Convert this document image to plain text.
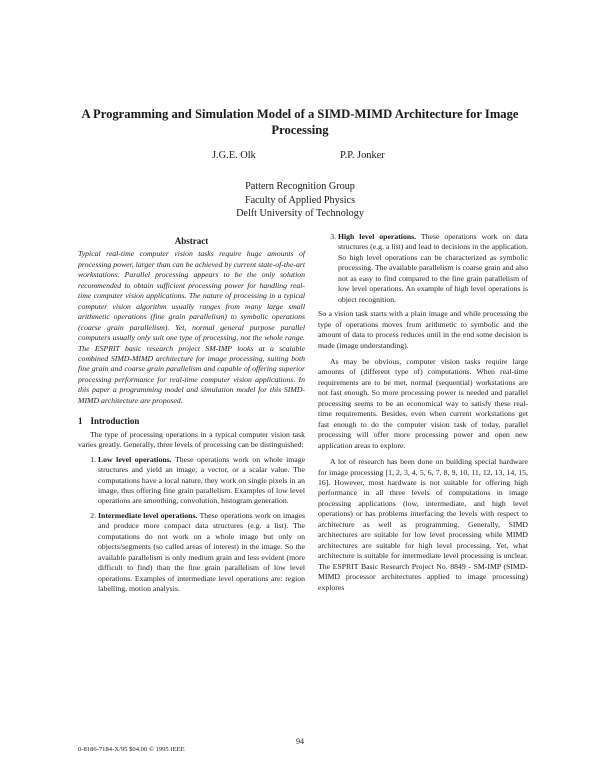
A Programming and Simulation Model of a SIMD-MIMD Architecture for Image Processing
J.G.E. Olk	P.P. Jonker
Pattern Recognition Group
Faculty of Applied Physics
Delft University of Technology
Abstract
Typical real-time computer vision tasks require huge amounts of processing power, larger than can be achieved by current state-of-the-art workstations. Parallel processing appears to be the only solution recommended to obtain sufficient processing power for handling real-time computer vision applications. The nature of processing in a typical computer vision algorithm usually ranges from many large small arithmetic operations (fine grain parallelism) to symbolic operations (coarse grain parallelism). Yet, normal general purpose parallel computers usually only suit one type of processing, not the whole range. The ESPRIT basic research project SM-IMP looks at a scalable combined SIMD-MIMD architecture for image processing, suiting both fine grain and coarse grain parallelism and capable of offering superior processing performance for real-time computer vision applications. In this paper a programming model and simulation model for this SIMD-MIMD architecture are proposed.
1 Introduction

The type of processing operations in a typical computer vision task varies greatly. Generally, three levels of processing can be distinguished:

1. Low level operations. These operations work on whole image structures and yield an image, a vector, or a scalar value. The computations have a local nature, they work on single pixels in an image, thus offering fine grain parallelism. Examples of low level operations are smoothing, convolution, histogram generation.
2. Intermediate level operations. These operations work on images and produce more compact data structures (e.g. a list). The computations do not work on a whole image but only on objects/segments (so called areas of interest) in the image. So the available parallelism is only medium grain and less evident (more difficult to find) than the fine grain parallelism of low level operations. Examples of intermediate level operations are: region labelling, motion analysis.
3. High level operations. These operations work on data structures (e.g. a list) and lead to decisions in the application. So high level operations can be characterized as symbolic processing. The available parallelism is coarse grain and also not as easy to find compared to the fine grain parallelism of low level operations. An example of high level operations is object recognition.

So a vision task starts with a plain image and while processing the type of operations moves from arithmetic to symbolic and the amount of data to process reduces until in the end some decision is made (image understanding).

As may be obvious, computer vision tasks require large amounts of (different type of) computations. When real-time requirements are to be met, normal (sequential) workstations are not fast enough. So more processing power is needed and parallel processing seems to be an economical way to satisfy these real-time requirements. Besides, even when current workstations get fast enough to do the computer vision task of today, parallel processing will offer more processing power and open new application areas to explore.

A lot of research has been done on building special hardware for image processing [1, 2, 3, 4, 5, 6, 7, 8, 9, 10, 11, 12, 13, 14, 15, 16]. However, most hardware is not suitable for offering high performance in all three levels of computations in image processing applications (low, intermediate, and high level operations) or has problems interfacing the levels with respect to architecture as well as programming. Generally, SIMD architectures are suitable for low level processing while MIMD architectures are suitable for high level processing. Yet, what architecture is suitable for intermediate level processing is unclear. The ESPRIT Basic Research Project No. 8849 - SM-IMP (SIMD-MIMD processor architectures applied to image processing) explores

94
0-8186-7184-X/95 $04.00 © 1995 IEEE
